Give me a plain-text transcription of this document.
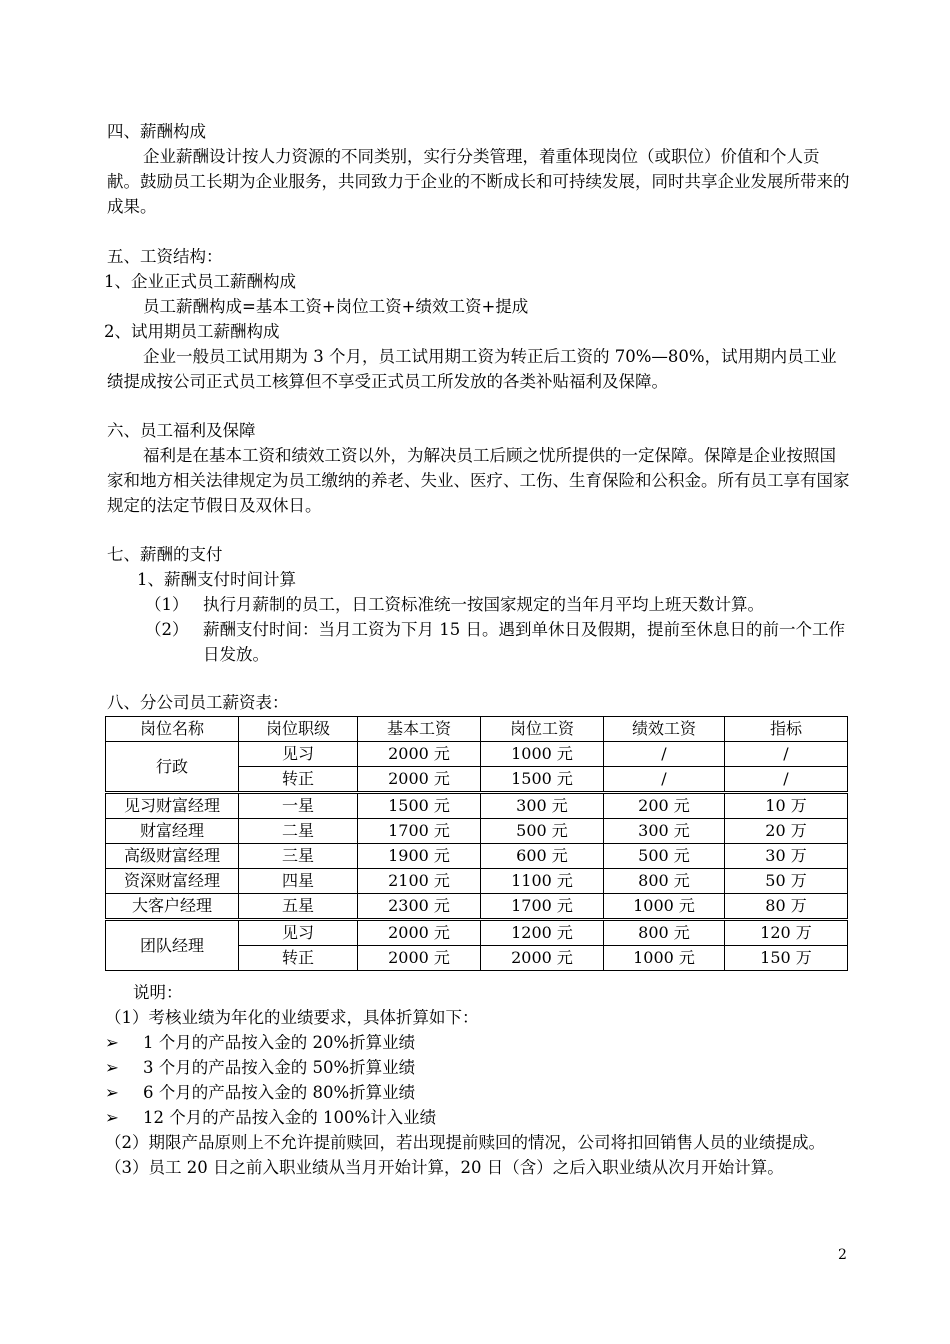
四、薪酬构成

企业薪酬设计按人力资源的不同类别，实行分类管理，着重体现岗位（或职位）价值和个人贡献。鼓励员工长期为企业服务，共同致力于企业的不断成长和可持续发展，同时共享企业发展所带来的成果。

五、工资结构：

1、企业正式员工薪酬构成

员工薪酬构成=基本工资+岗位工资+绩效工资+提成

2、试用期员工薪酬构成

企业一般员工试用期为 3 个月，员工试用期工资为转正后工资的 70%—80%，试用期内员工业绩提成按公司正式员工核算但不享受正式员工所发放的各类补贴福利及保障。

六、员工福利及保障

福利是在基本工资和绩效工资以外，为解决员工后顾之忧所提供的一定保障。保障是企业按照国家和地方相关法律规定为员工缴纳的养老、失业、医疗、工伤、生育保险和公积金。所有员工享有国家规定的法定节假日及双休日。

七、薪酬的支付

1、薪酬支付时间计算

（1） 执行月薪制的员工，日工资标准统一按国家规定的当年月平均上班天数计算。
（2） 薪酬支付时间：当月工资为下月 15 日。遇到单休日及假期，提前至休息日的前一个工作日发放。

八、分公司员工薪资表：

岗位名称	岗位职级	基本工资	岗位工资	绩效工资	指标
行政	见习	2000 元	1000 元	/	/
	转正	2000 元	1500 元	/	/
见习财富经理	一星	1500 元	300 元	200 元	10 万
财富经理	二星	1700 元	500 元	300 元	20 万
高级财富经理	三星	1900 元	600 元	500 元	30 万
资深财富经理	四星	2100 元	1100 元	800 元	50 万
大客户经理	五星	2300 元	1700 元	1000 元	80 万
团队经理	见习	2000 元	1200 元	800 元	120 万
	转正	2000 元	2000 元	1000 元	150 万

说明：

（1）考核业绩为年化的业绩要求，具体折算如下：

➢	1 个月的产品按入金的 20%折算业绩
➢	3 个月的产品按入金的 50%折算业绩
➢	6 个月的产品按入金的 80%折算业绩
➢	12 个月的产品按入金的 100%计入业绩

（2）期限产品原则上不允许提前赎回，若出现提前赎回的情况，公司将扣回销售人员的业绩提成。

（3）员工 20 日之前入职业绩从当月开始计算，20 日（含）之后入职业绩从次月开始计算。

2
